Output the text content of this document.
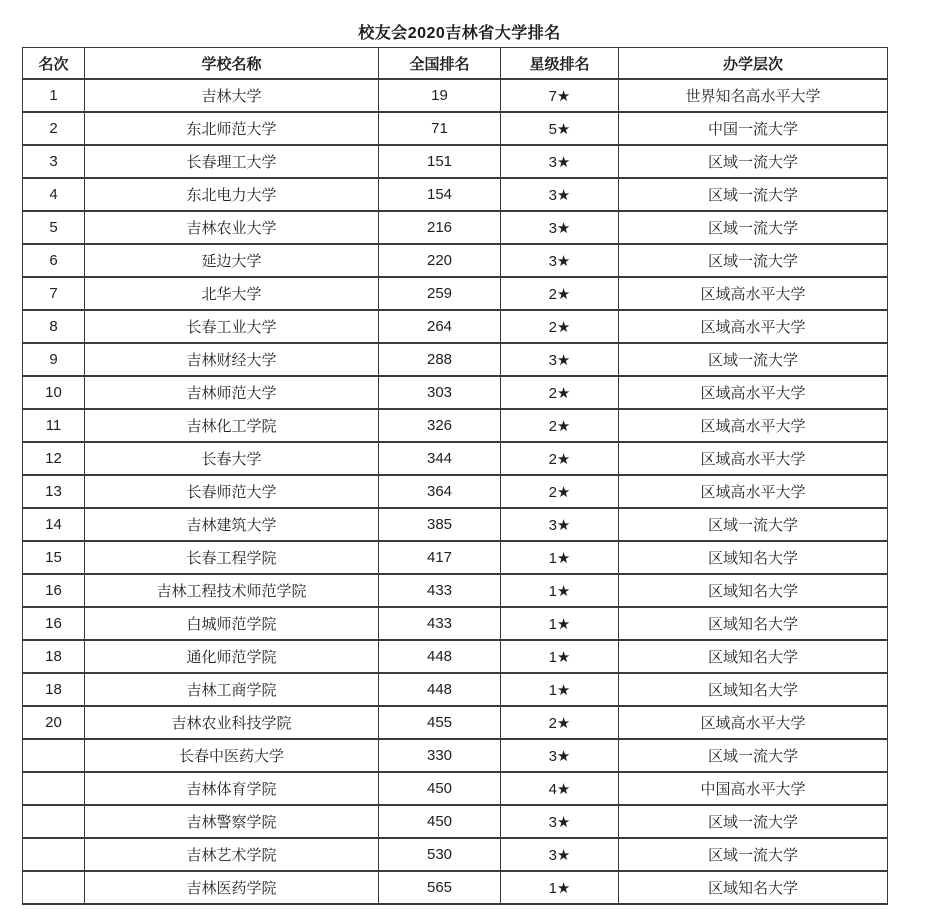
校友会2020吉林省大学排名
名次	学校名称	全国排名	星级排名	办学层次
1	吉林大学	19	7★	世界知名高水平大学
2	东北师范大学	71	5★	中国一流大学
3	长春理工大学	151	3★	区域一流大学
4	东北电力大学	154	3★	区域一流大学
5	吉林农业大学	216	3★	区域一流大学
6	延边大学	220	3★	区域一流大学
7	北华大学	259	2★	区域高水平大学
8	长春工业大学	264	2★	区域高水平大学
9	吉林财经大学	288	3★	区域一流大学
10	吉林师范大学	303	2★	区域高水平大学
11	吉林化工学院	326	2★	区域高水平大学
12	长春大学	344	2★	区域高水平大学
13	长春师范大学	364	2★	区域高水平大学
14	吉林建筑大学	385	3★	区域一流大学
15	长春工程学院	417	1★	区域知名大学
16	吉林工程技术师范学院	433	1★	区域知名大学
16	白城师范学院	433	1★	区域知名大学
18	通化师范学院	448	1★	区域知名大学
18	吉林工商学院	448	1★	区域知名大学
20	吉林农业科技学院	455	2★	区域高水平大学
	长春中医药大学	330	3★	区域一流大学
	吉林体育学院	450	4★	中国高水平大学
	吉林警察学院	450	3★	区域一流大学
	吉林艺术学院	530	3★	区域一流大学
	吉林医药学院	565	1★	区域知名大学
